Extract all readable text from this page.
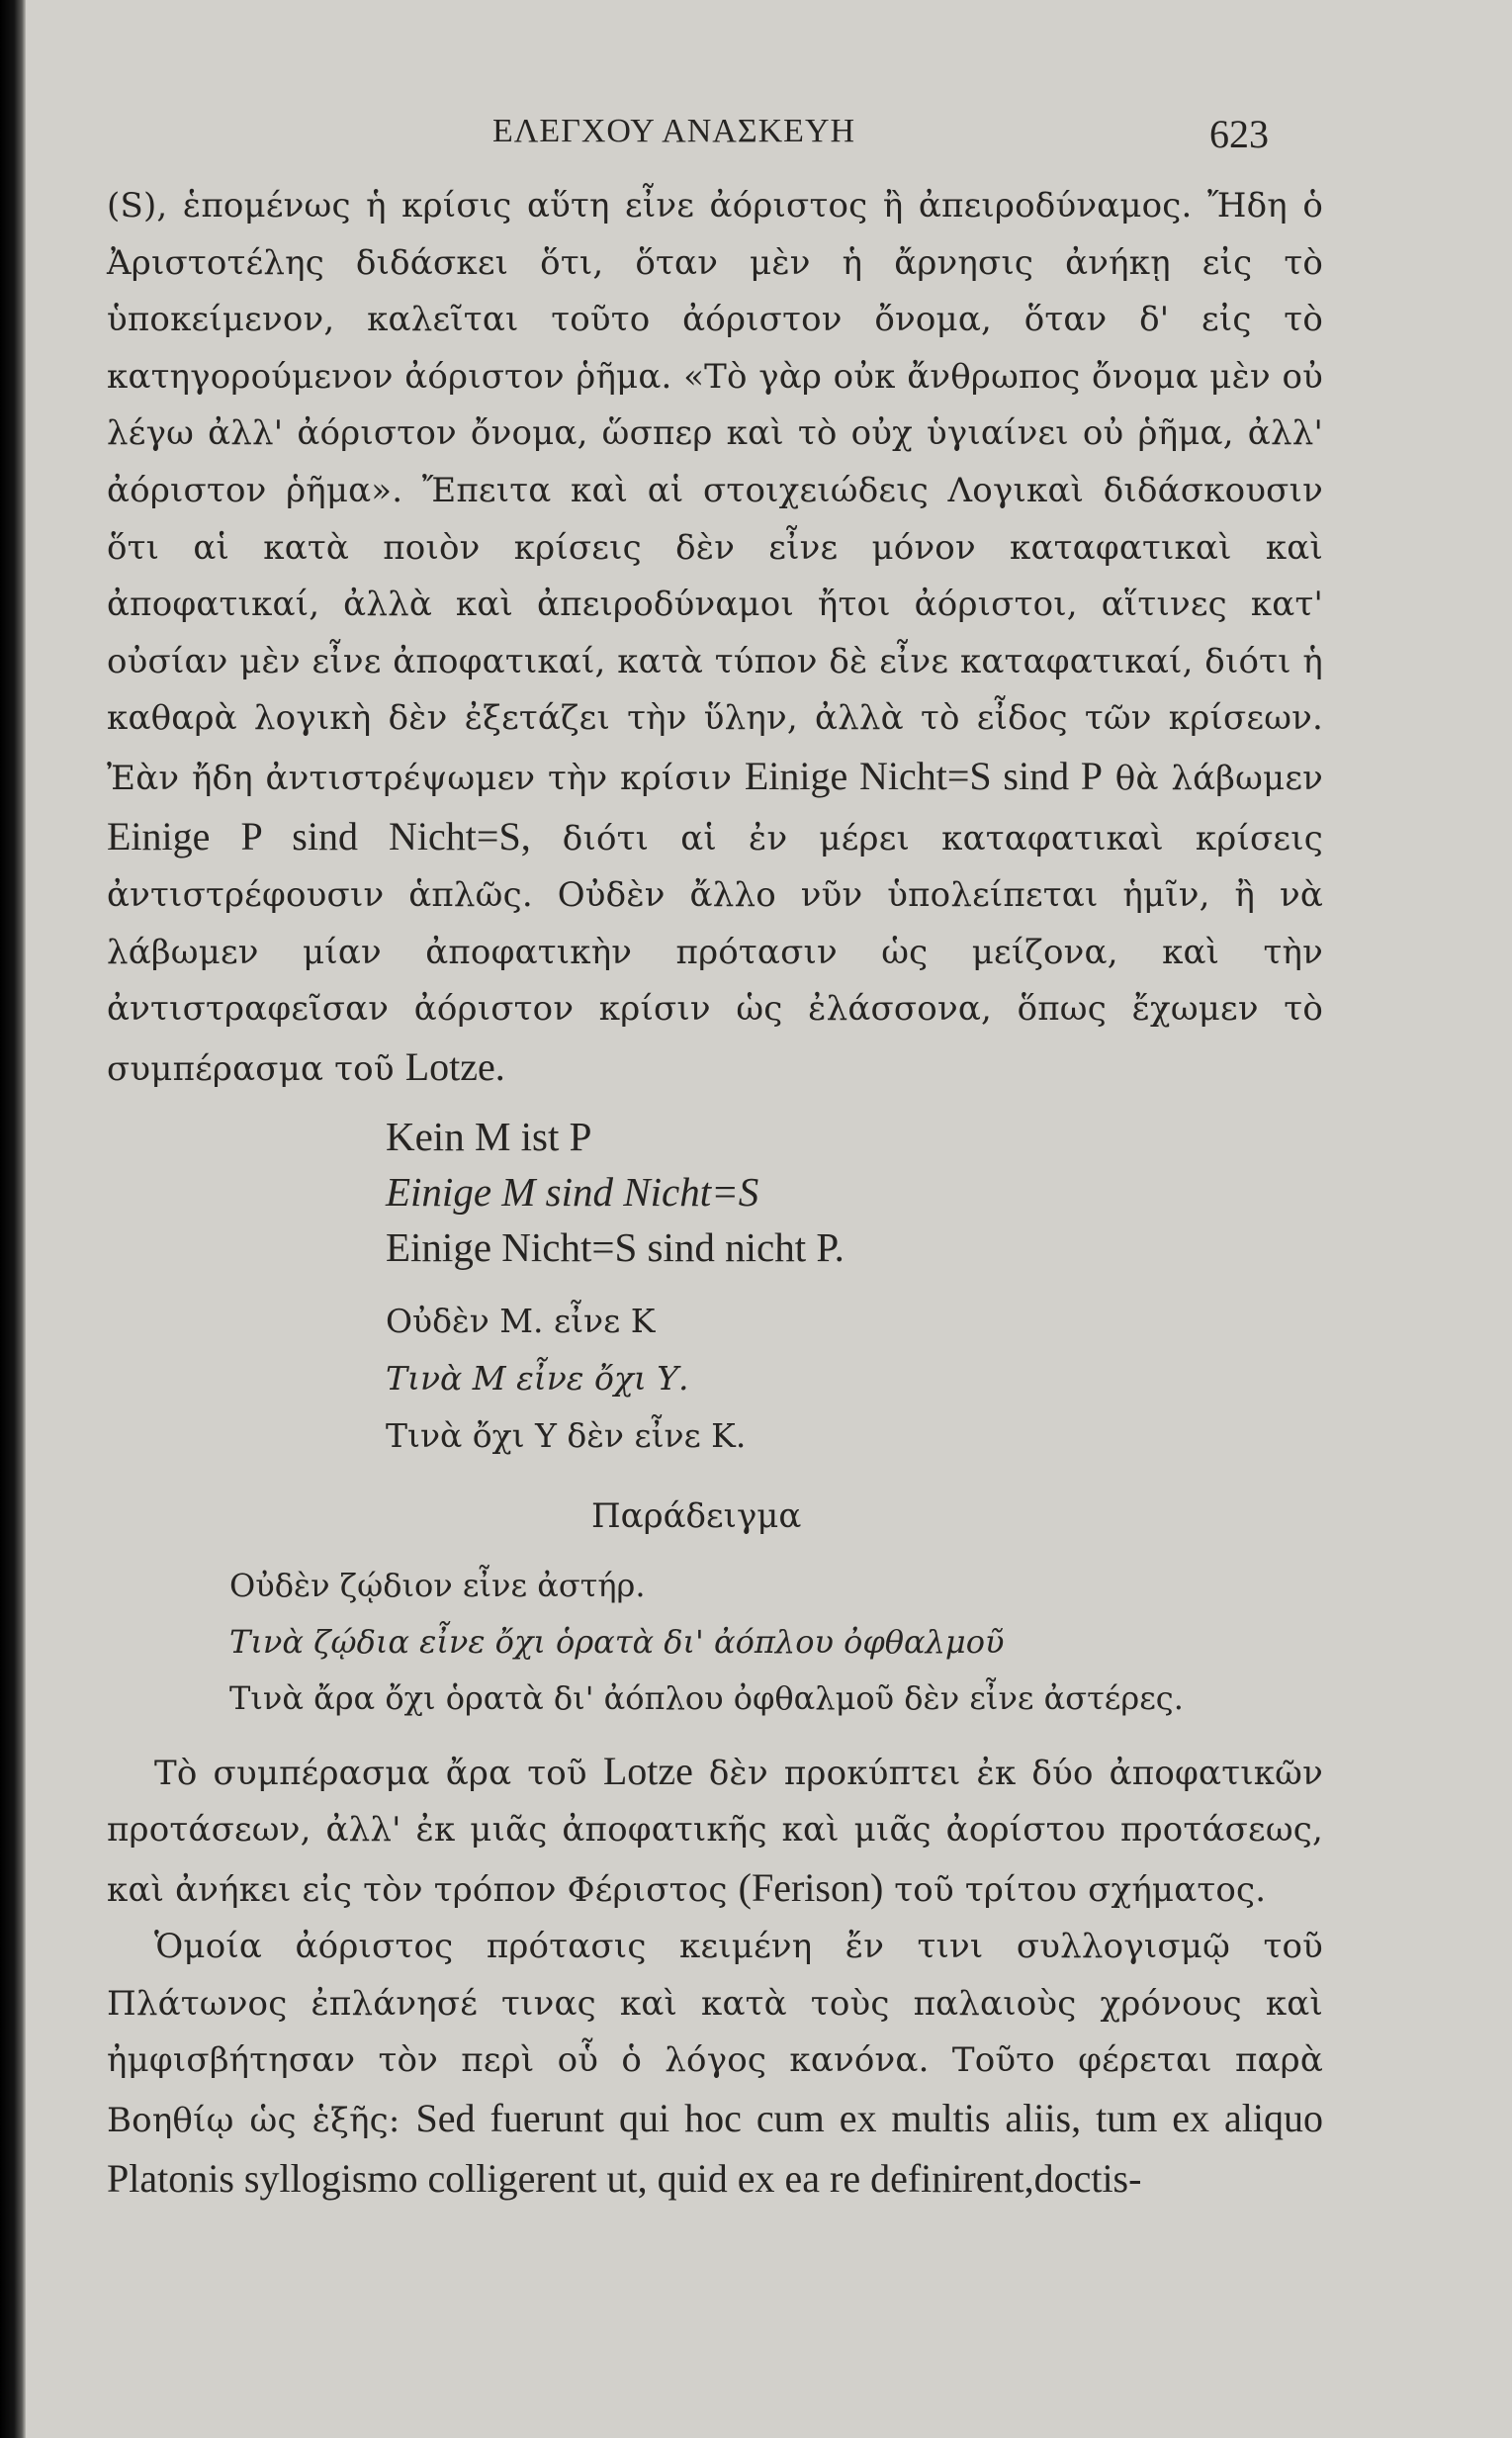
ΕΛΕΓΧΟΥ ΑΝΑΣΚΕΥΗ	623

(S), ἑπομένως ἡ κρίσις αὕτη εἶνε ἀόριστος ἢ ἀπειροδύναμος. Ἤδη ὁ Ἀριστοτέλης διδάσκει ὅτι, ὅταν μὲν ἡ ἄρνησις ἀνήκῃ εἰς τὸ ὑποκείμενον, καλεῖται τοῦτο ἀόριστον ὄνομα, ὅταν δ' εἰς τὸ κατηγορούμενον ἀόριστον ῥῆμα. «Τὸ γὰρ οὐκ ἄνθρωπος ὄνομα μὲν οὐ λέγω ἀλλ' ἀόριστον ὄνομα, ὥσπερ καὶ τὸ οὐχ ὑγιαίνει οὐ ῥῆμα, ἀλλ' ἀόριστον ῥῆμα». Ἔπειτα καὶ αἱ στοιχειώδεις Λογικαὶ διδάσκουσιν ὅτι αἱ κατὰ ποιὸν κρίσεις δὲν εἶνε μόνον καταφατικαὶ καὶ ἀποφατικαί, ἀλλὰ καὶ ἀπειροδύναμοι ἤτοι ἀόριστοι, αἵτινες κατ' οὐσίαν μὲν εἶνε ἀποφατικαί, κατὰ τύπον δὲ εἶνε καταφατικαί, διότι ἡ καθαρὰ λογικὴ δὲν ἐξετάζει τὴν ὕλην, ἀλλὰ τὸ εἶδος τῶν κρίσεων. Ἐὰν ἤδη ἀντιστρέψωμεν τὴν κρίσιν Einige Nicht=S sind P θὰ λάβωμεν Einige P sind Nicht=S, διότι αἱ ἐν μέρει καταφατικαὶ κρίσεις ἀντιστρέφουσιν ἁπλῶς. Οὐδὲν ἄλλο νῦν ὑπολείπεται ἡμῖν, ἢ νὰ λάβωμεν μίαν ἀποφατικὴν πρότασιν ὡς μείζονα, καὶ τὴν ἀντιστραφεῖσαν ἀόριστον κρίσιν ὡς ἐλάσσονα, ὅπως ἔχωμεν τὸ συμπέρασμα τοῦ Lotze.

Kein M ist P
Einige M sind Nicht=S
Einige Nicht=S sind nicht P.
Οὐδὲν Μ. εἶνε Κ
Τινὰ Μ εἶνε ὄχι Υ.
Τινὰ ὄχι Υ δὲν εἶνε Κ.
Παράδειγμα
Οὐδὲν ζῴδιον εἶνε ἀστήρ.
Τινὰ ζῴδια εἶνε ὄχι ὁρατὰ δι' ἀόπλου ὀφθαλμοῦ
Τινὰ ἄρα ὄχι ὁρατὰ δι' ἀόπλου ὀφθαλμοῦ δὲν εἶνε ἀστέρες.

Τὸ συμπέρασμα ἄρα τοῦ Lotze δὲν προκύπτει ἐκ δύο ἀποφατικῶν προτάσεων, ἀλλ' ἐκ μιᾶς ἀποφατικῆς καὶ μιᾶς ἀορίστου προτάσεως, καὶ ἀνήκει εἰς τὸν τρόπον Φέριστος (Ferison) τοῦ τρίτου σχήματος.

Ὁμοία ἀόριστος πρότασις κειμένη ἔν τινι συλλογισμῷ τοῦ Πλάτωνος ἐπλάνησέ τινας καὶ κατὰ τοὺς παλαιοὺς χρόνους καὶ ἠμφισβήτησαν τὸν περὶ οὗ ὁ λόγος κανόνα. Τοῦτο φέρεται παρὰ Βοηθίῳ ὡς ἑξῆς: Sed fuerunt qui hoc cum ex multis aliis, tum ex aliquo Platonis syllogismo colligerent ut, quid ex ea re definirent,doctis-
